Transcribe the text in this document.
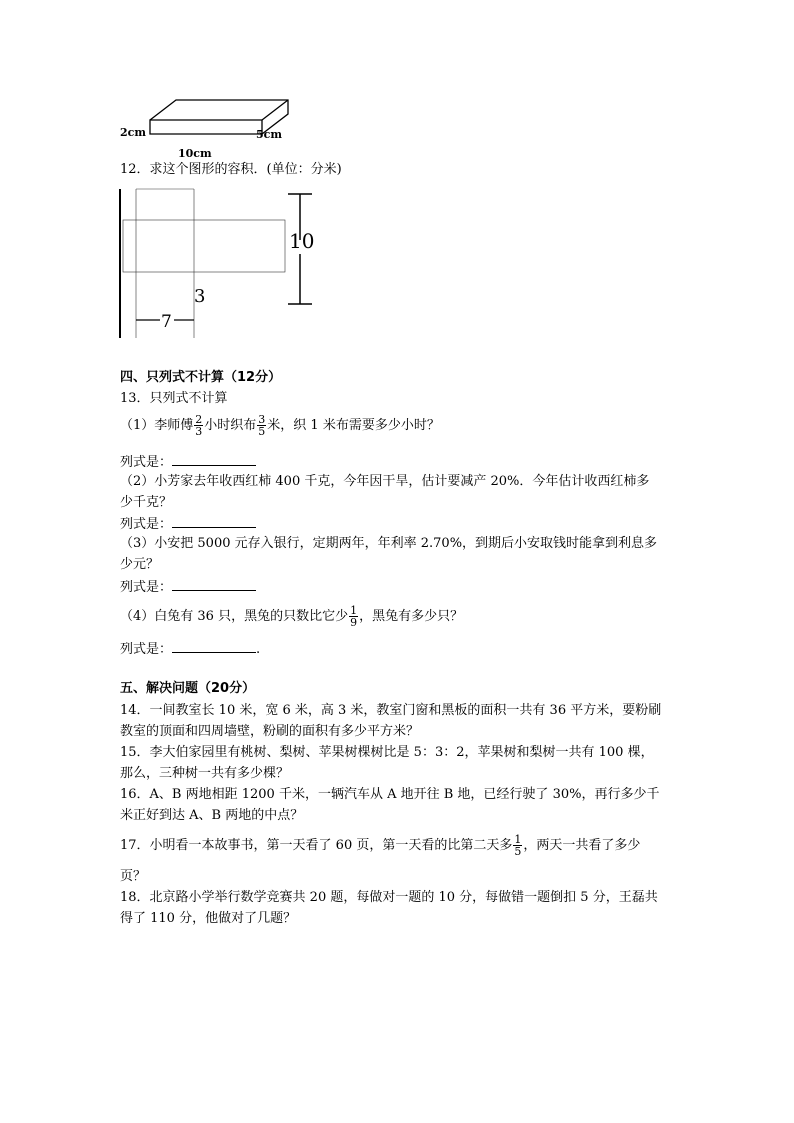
2cm	5cm
10cm
12．求这个图形的容积．(单位：分米)
10
3
7
四、只列式不计算（12分）
13．只列式不计算
（1）李师傅 $\frac{2}{3}$ 小时织布 $\frac{3}{5}$ 米，织 1 米布需要多少小时？
列式是：
（2）小芳家去年收西红柿 400 千克，今年因干旱，估计要减产 20%．今年估计收西红柿多
少千克？
列式是：
（3）小安把 5000 元存入银行，定期两年，年利率 2.70%，到期后小安取钱时能拿到利息多
少元？
列式是：
（4）白兔有 36 只，黑兔的只数比它少 $\frac{1}{9}$ ，黑兔有多少只？
列式是：	.
五、解决问题（20分）
14．一间教室长 10 米，宽 6 米，高 3 米，教室门窗和黑板的面积一共有 36 平方米，要粉刷
教室的顶面和四周墙壁，粉刷的面积有多少平方米？
15．李大伯家园里有桃树、梨树、苹果树棵树比是 5：3：2，苹果树和梨树一共有 100 棵，
那么，三种树一共有多少棵？
16．A、B 两地相距 1200 千米，一辆汽车从 A 地开往 B 地，已经行驶了 30%，再行多少千
米正好到达 A、B 两地的中点？
17．小明看一本故事书，第一天看了 60 页，第一天看的比第二天多 $\frac{1}{5}$ ，两天一共看了多少
页？
18．北京路小学举行数学竞赛共 20 题，每做对一题的 10 分，每做错一题倒扣 5 分，王磊共
得了 110 分，他做对了几题？
